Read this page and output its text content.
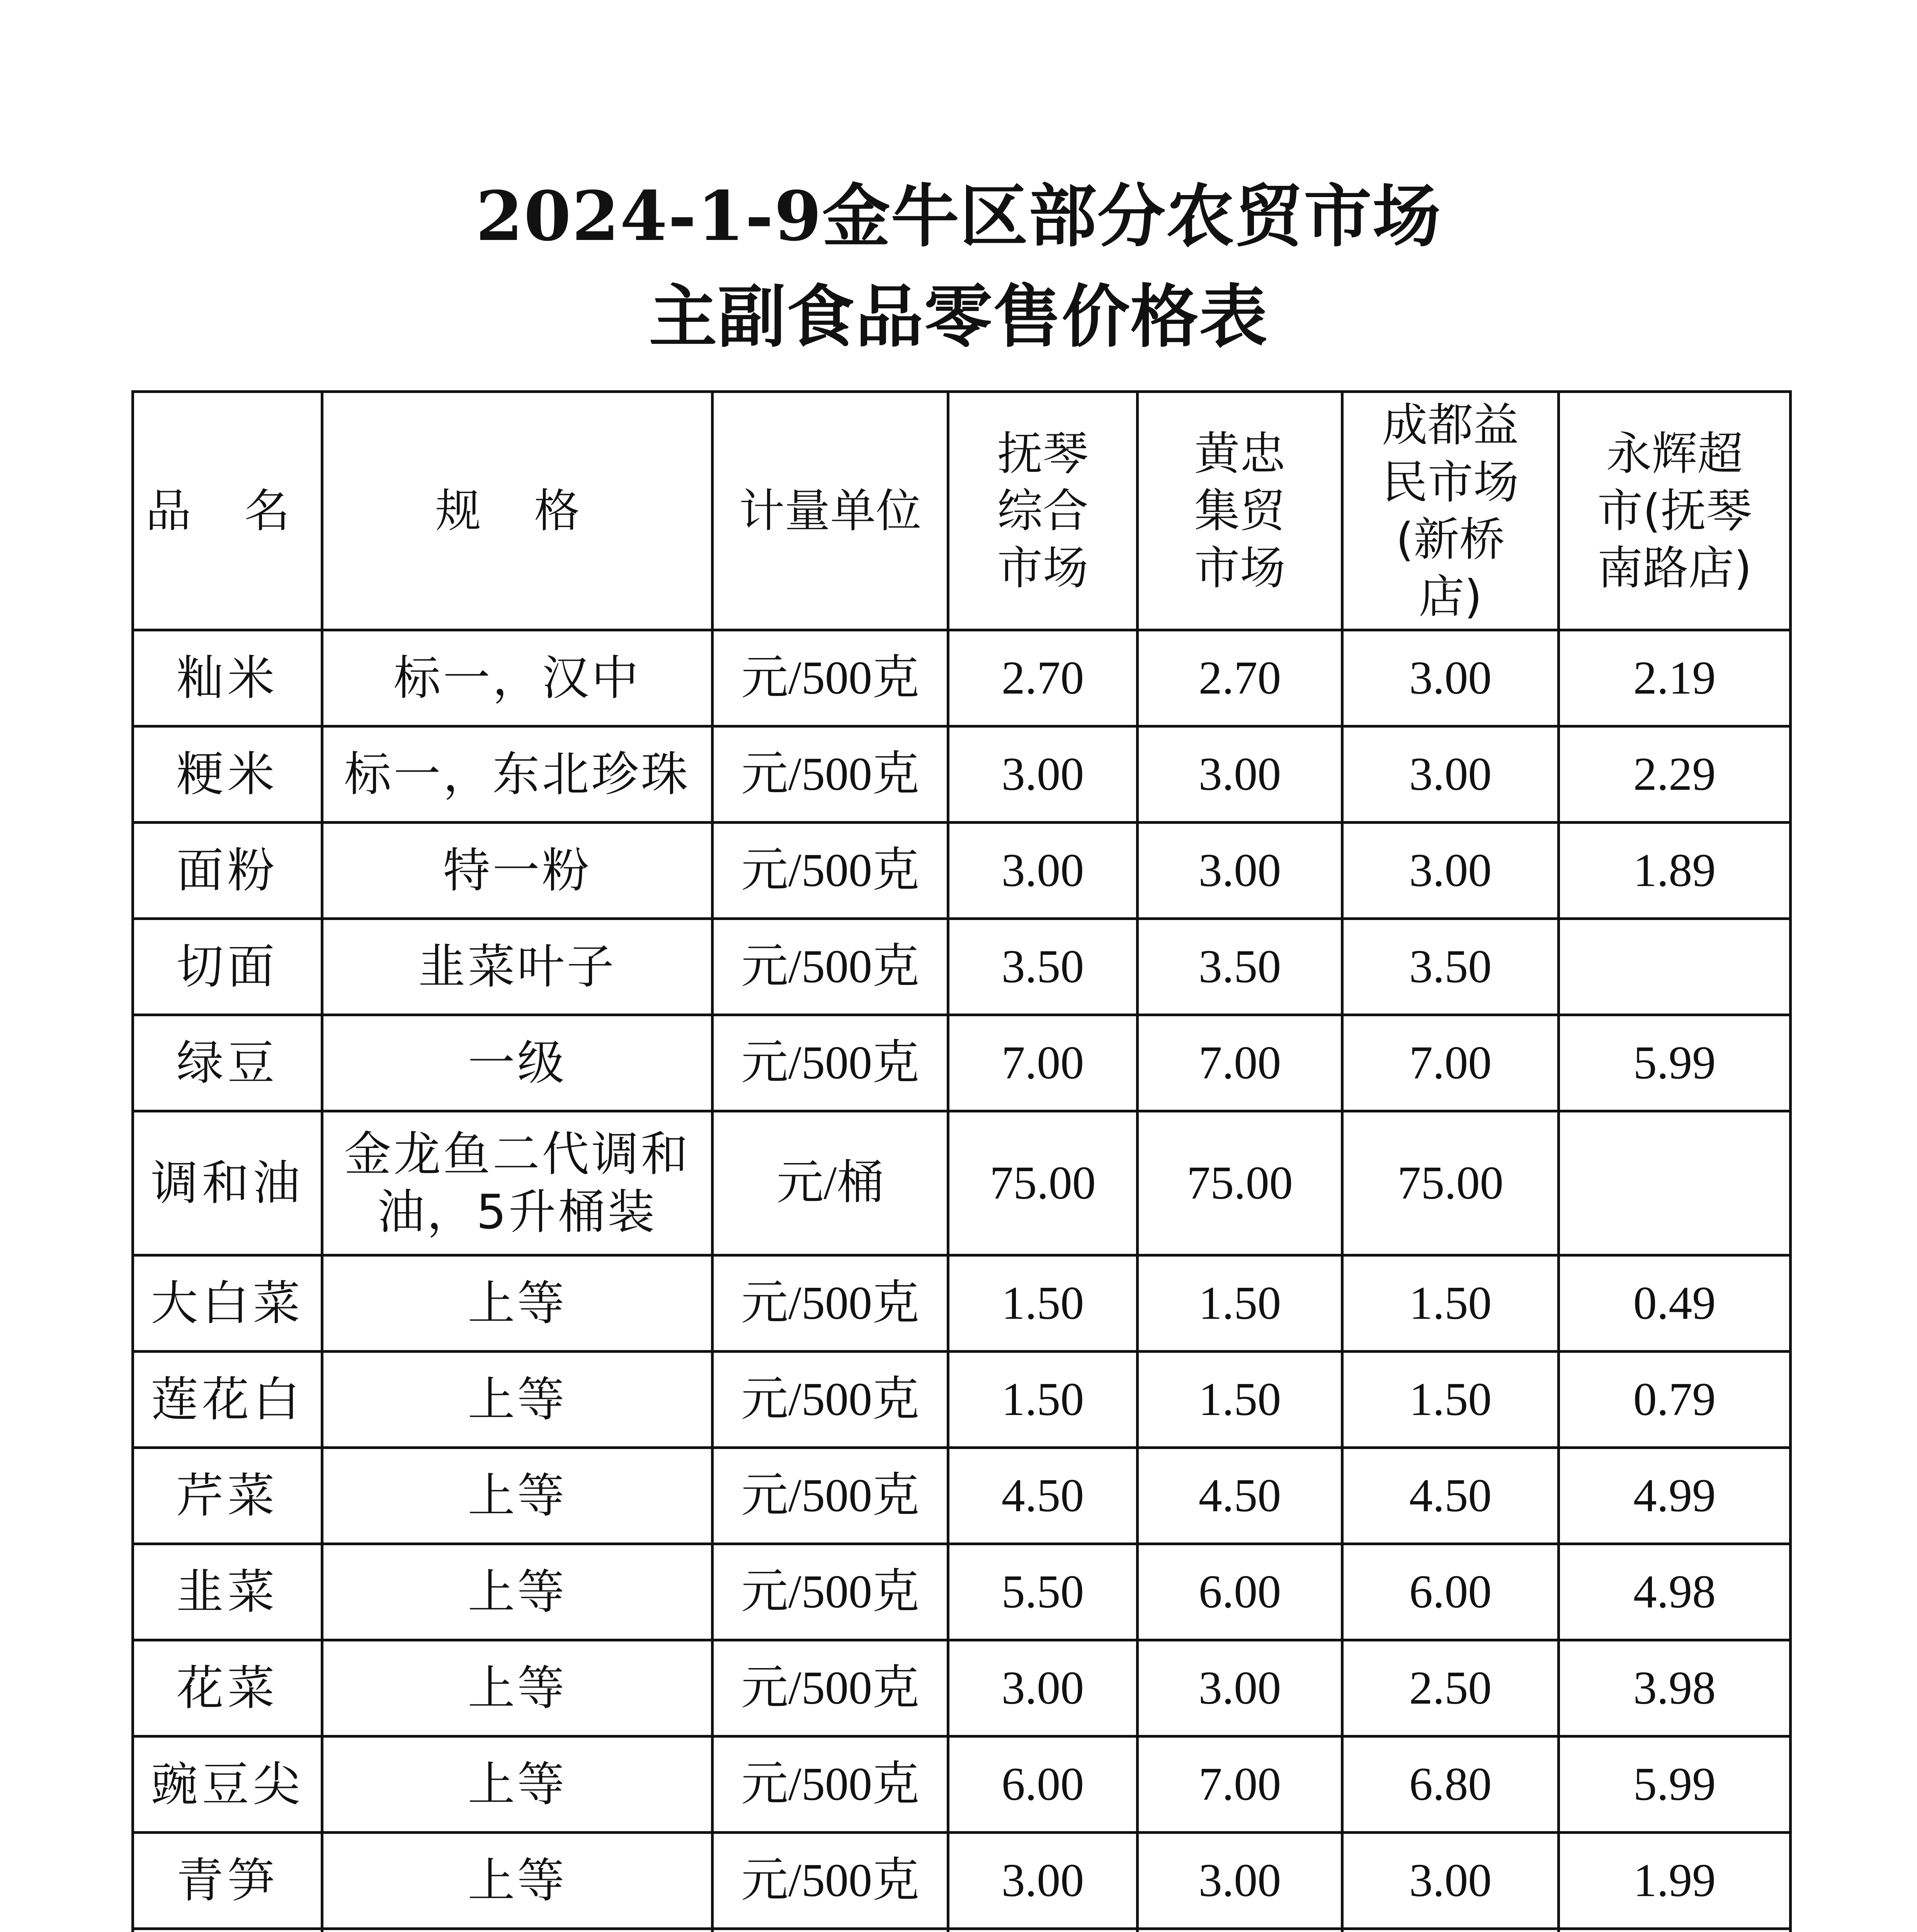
2024-1-9金牛区部分农贸市场
主副食品零售价格表
品 名	规 格	计量单位	抚琴综合市场	黄忠集贸市场	成都益民市场(新桥店)	永辉超市(抚琴南路店)

籼米	标一，汉中	元/500克	2.70	2.70	3.00	2.19
粳米	标一，东北珍珠	元/500克	3.00	3.00	3.00	2.29
面粉	特一粉	元/500克	3.00	3.00	3.00	1.89
切面	韭菜叶子	元/500克	3.50	3.50	3.50	
绿豆	一级	元/500克	7.00	7.00	7.00	5.99
调和油	金龙鱼二代调和油，5升桶装	元/桶	75.00	75.00	75.00	
大白菜	上等	元/500克	1.50	1.50	1.50	0.49
莲花白	上等	元/500克	1.50	1.50	1.50	0.79
芹菜	上等	元/500克	4.50	4.50	4.50	4.99
韭菜	上等	元/500克	5.50	6.00	6.00	4.98
花菜	上等	元/500克	3.00	3.00	2.50	3.98
豌豆尖	上等	元/500克	6.00	7.00	6.80	5.99
青笋	上等	元/500克	3.00	3.00	3.00	1.99
